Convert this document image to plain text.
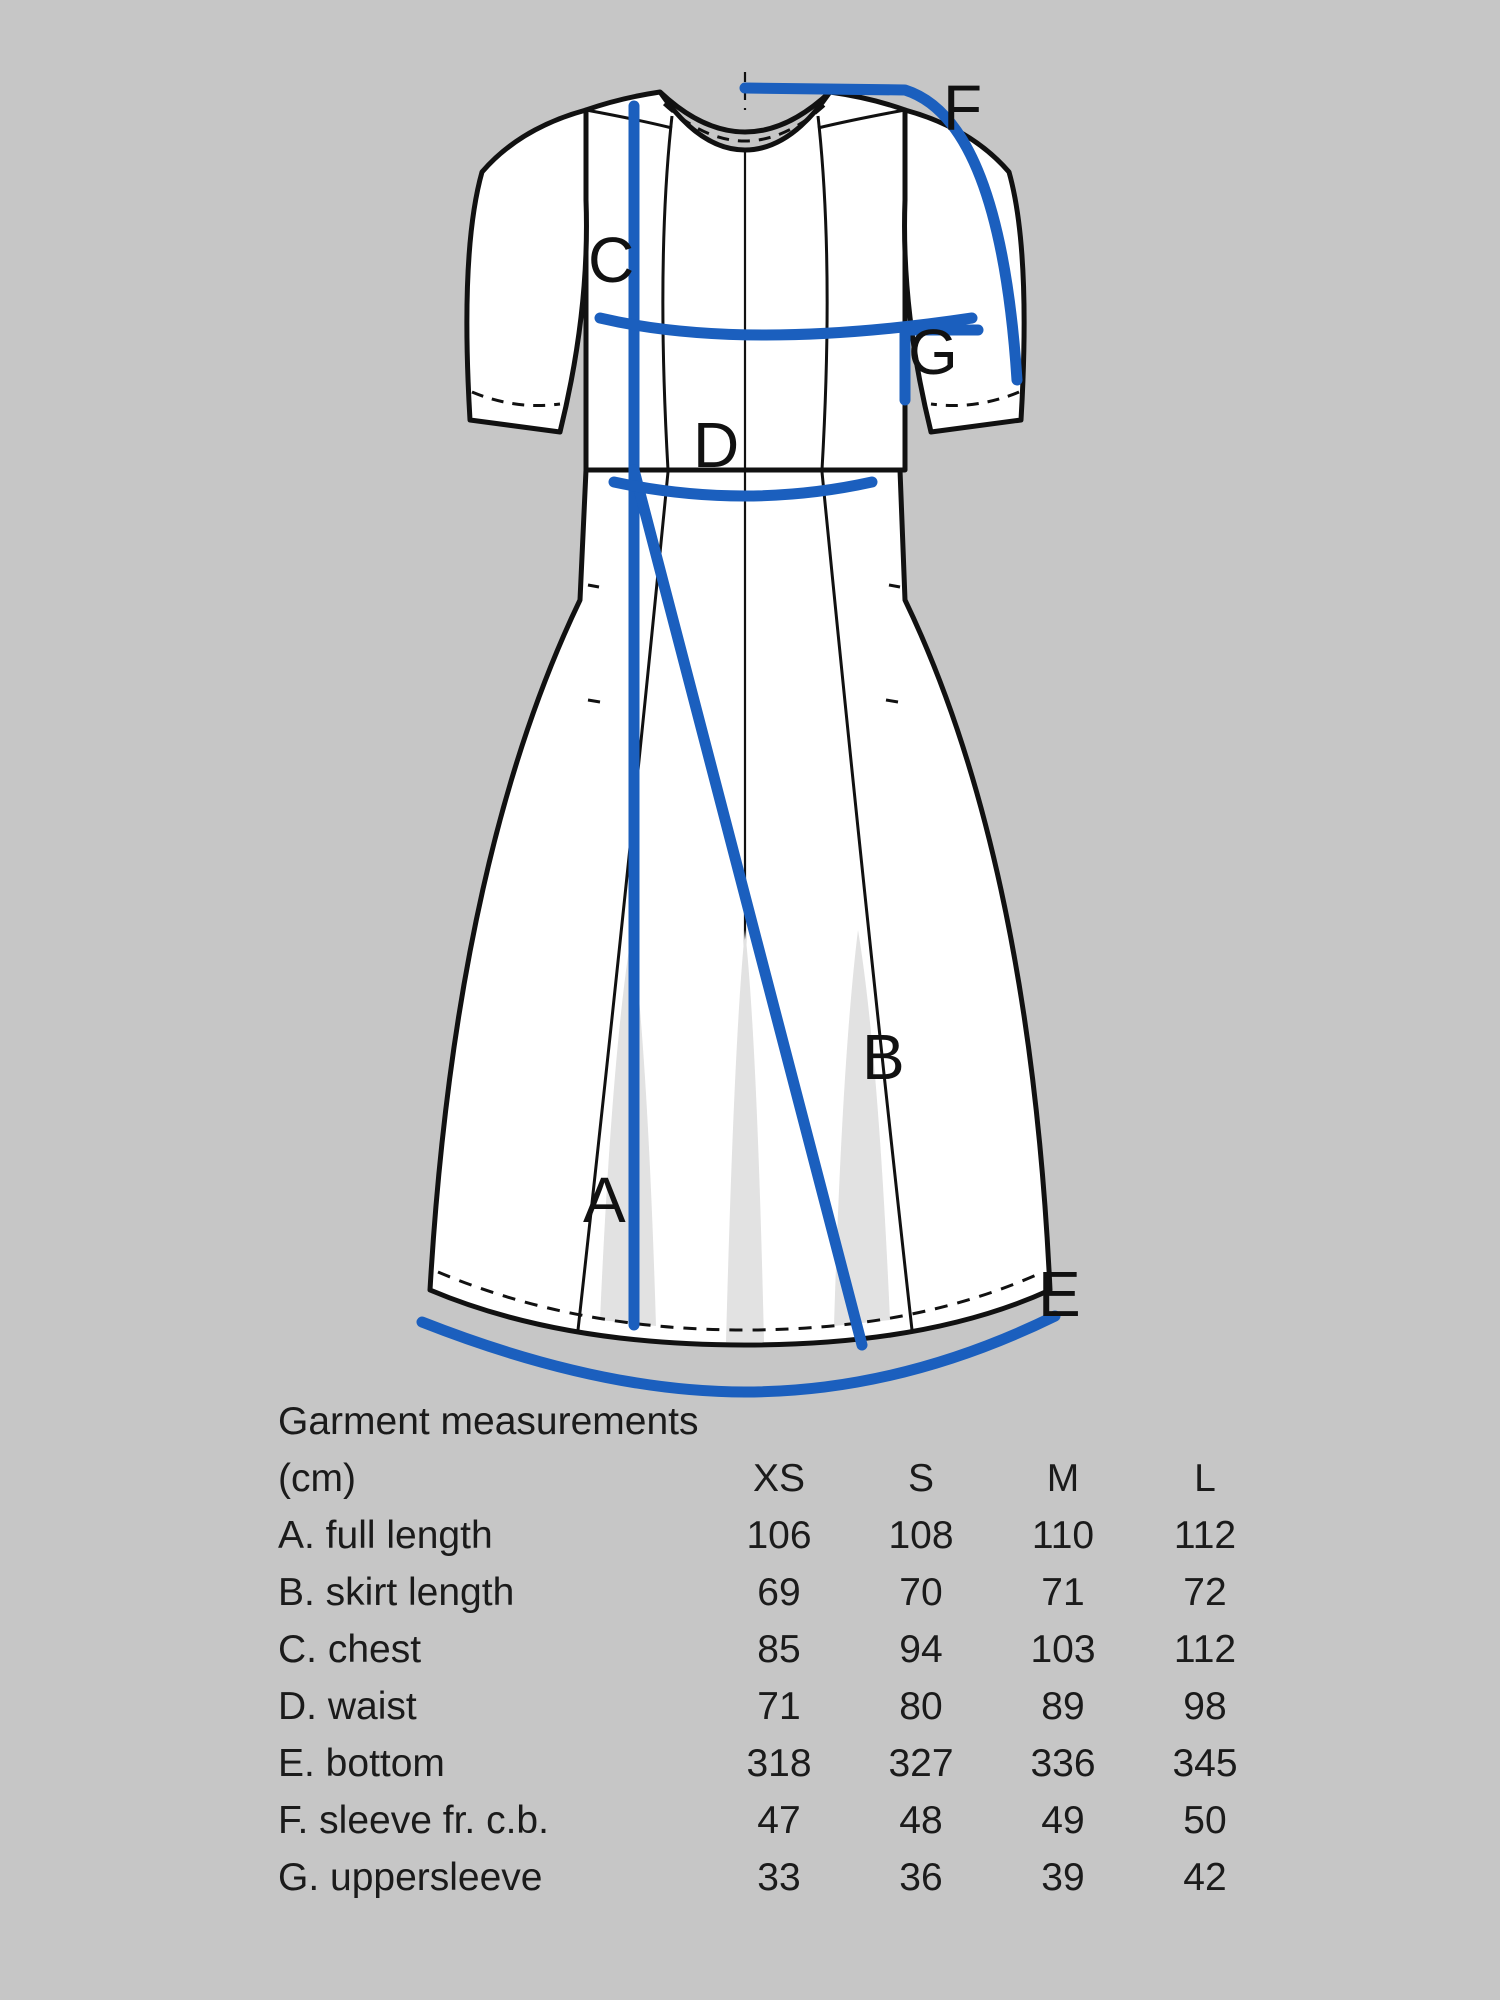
C
G
F
D
B
A
E
Garment measurements				
(cm)	XS	S	M	L
A. full length	106	108	110	112
B. skirt length	69	70	71	72
C. chest	85	94	103	112
D. waist	71	80	89	98
E. bottom	318	327	336	345
F. sleeve fr. c.b.	47	48	49	50
G. uppersleeve	33	36	39	42
